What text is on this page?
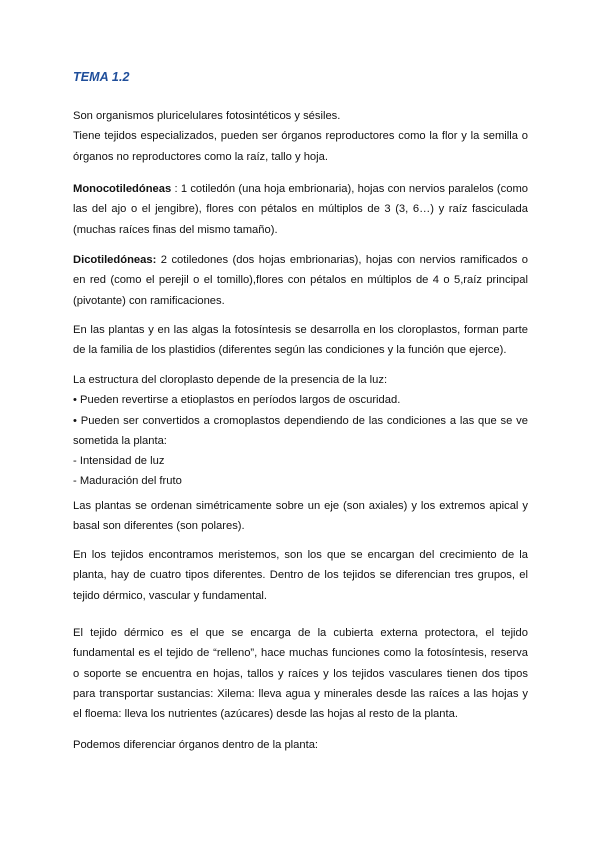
TEMA 1.2
Son organismos pluricelulares fotosintéticos y sésiles.
Tiene tejidos especializados, pueden ser órganos reproductores como la flor y la semilla o órganos no reproductores como la raíz, tallo y hoja.
Monocotiledóneas : 1 cotiledón (una hoja embrionaria), hojas con nervios paralelos (como las del ajo o el jengibre), flores con pétalos en múltiplos de 3 (3, 6…) y raíz fasciculada (muchas raíces finas del mismo tamaño).
Dicotiledóneas: 2 cotiledones (dos hojas embrionarias), hojas con nervios ramificados o en red (como el perejil o el tomillo),flores con pétalos en múltiplos de 4 o 5,raíz principal (pivotante) con ramificaciones.
En las plantas y en las algas la fotosíntesis se desarrolla en los cloroplastos, forman parte de la familia de los plastidios (diferentes según las condiciones y la función que ejerce).
La estructura del cloroplasto depende de la presencia de la luz:
• Pueden revertirse a etioplastos en períodos largos de oscuridad.
• Pueden ser convertidos a cromoplastos dependiendo de las condiciones a las que se ve sometida la planta:
- Intensidad de luz
- Maduración del fruto
Las plantas se ordenan simétricamente sobre un eje (son axiales) y los extremos apical y basal son diferentes (son polares).
En los tejidos encontramos meristemos, son los que se encargan del crecimiento de la planta, hay de cuatro tipos diferentes. Dentro de los tejidos se diferencian tres grupos, el tejido dérmico, vascular y fundamental.
El tejido dérmico es el que se encarga de la cubierta externa protectora, el tejido fundamental es el tejido de “relleno”, hace muchas funciones como la fotosíntesis, reserva o soporte se encuentra en hojas, tallos y raíces y los tejidos vasculares tienen dos tipos para transportar sustancias: Xilema: lleva agua y minerales desde las raíces a las hojas y el floema: lleva los nutrientes (azúcares) desde las hojas al resto de la planta.
Podemos diferenciar órganos dentro de la planta:
